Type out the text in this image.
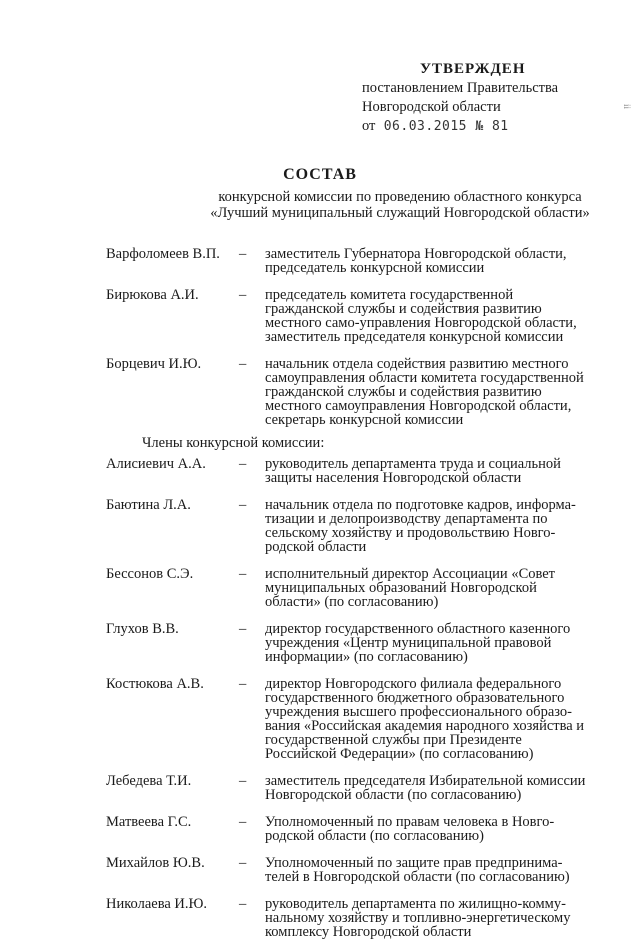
УТВЕРЖДЕН
постановлением Правительства
Новгородской области
от 06.03.2015 № 81
ii
СОСТАВ
конкурсной комиссии по проведению областного конкурса
«Лучший муниципальный служащий Новгородской области»
Варфоломеев В.П.	–	заместитель Губернатора Новгородской области, председатель конкурсной комиссии
Бирюкова А.И.	–	председатель комитета государственной гражданской службы и содействия развитию местного само-управления Новгородской области, заместитель председателя конкурсной комиссии
Борцевич И.Ю.	–	начальник отдела содействия развитию местного самоуправления области комитета государственной гражданской службы и содействия развитию местного самоуправления Новгородской области, секретарь конкурсной комиссии
Члены конкурсной комиссии:
Алисиевич А.А.	–	руководитель департамента труда и социальной защиты населения Новгородской области
Баютина Л.А.	–	начальник отдела по подготовке кадров, информа-тизации и делопроизводству департамента по сельскому хозяйству и продовольствию Новго-родской области
Бессонов С.Э.	–	исполнительный директор Ассоциации «Совет муниципальных образований Новгородской области» (по согласованию)
Глухов В.В.	–	директор государственного областного казенного учреждения «Центр муниципальной правовой информации» (по согласованию)
Костюкова А.В.	–	директор Новгородского филиала федерального государственного бюджетного образовательного учреждения высшего профессионального образо-вания «Российская академия народного хозяйства и государственной службы при Президенте Российской Федерации» (по согласованию)
Лебедева Т.И.	–	заместитель председателя Избирательной комиссии Новгородской области (по согласованию)
Матвеева Г.С.	–	Уполномоченный по правам человека в Новго-родской области (по согласованию)
Михайлов Ю.В.	–	Уполномоченный по защите прав предпринима-телей в Новгородской области (по согласованию)
Николаева И.Ю.	–	руководитель департамента по жилищно-комму-нальному хозяйству и топливно-энергетическому комплексу Новгородской области
